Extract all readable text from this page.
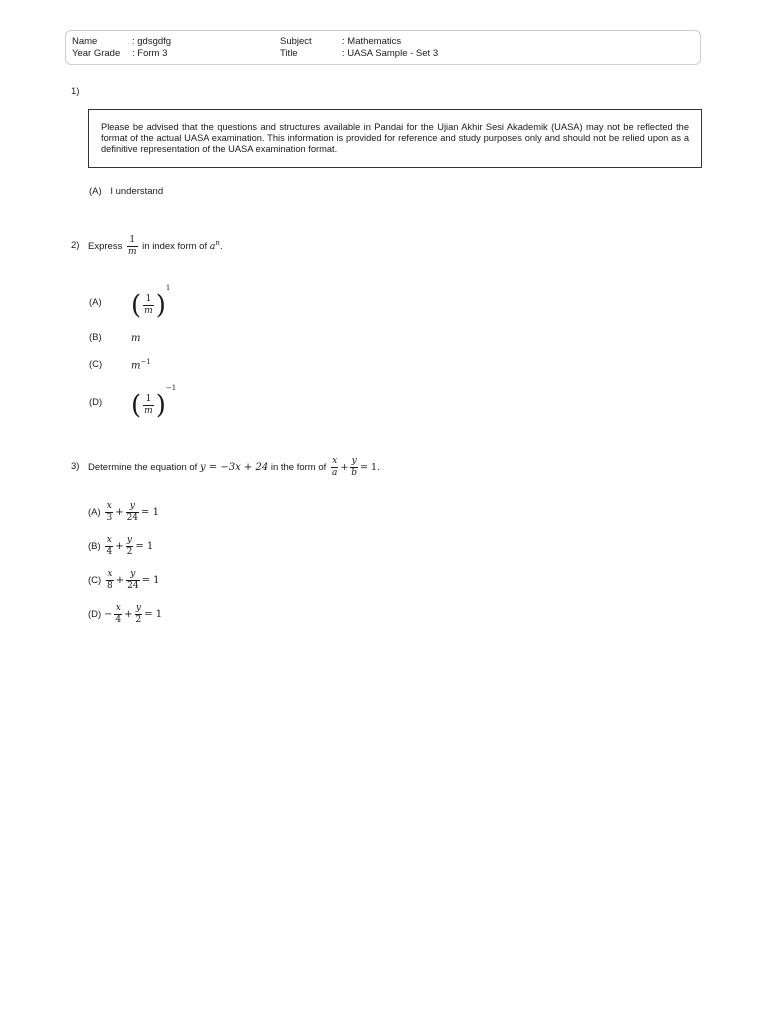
Name	: gdsgdfg
Year Grade : Form 3
Subject	: Mathematics
Title	: UASA Sample - Set 3
1)
Please be advised that the questions and structures available in Pandai for the Ujian Akhir Sesi Akademik (UASA) may not be reflected the format of the actual UASA examination. This information is provided for reference and study purposes only and should not be relied upon as a definitive representation of the UASA examination format.
(A) I understand
2) Express $\frac{1}{m}$ in index form of $a^n$.
(A) ( $\frac{1}{m} )^1$
(B)	m
(C)	$m^{-1}$
(D) ( $\frac{1}{m} )^{-1}$
3) Determine the equation of y = −3x + 24 in the form of $\frac{x}{a} + \frac{y}{b} = 1$.
$(A) \frac{x}{3} + \frac{y}{24} = 1$
$(B) \frac{x}{4} + \frac{y}{2} = 1$
$(C) \frac{x}{8} + \frac{y}{24} = 1$
$(D) - \frac{x}{4} + \frac{y}{2} = 1$
